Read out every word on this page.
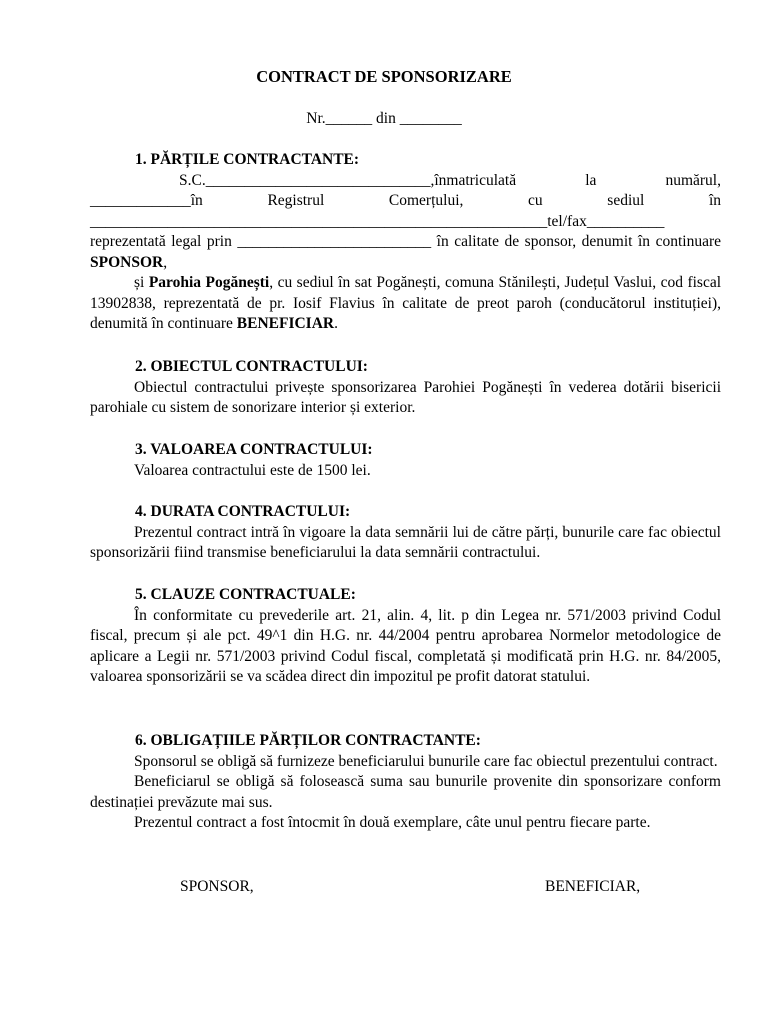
CONTRACT DE SPONSORIZARE
Nr.______ din ________
1. PĂRȚILE CONTRACTANTE:
S.C._____________________________,înmatriculată	la	numărul,
_____________în	Registrul	Comerțului,	cu	sediul	în
___________________________________________________________tel/fax__________

reprezentată legal prin _________________________ în calitate de sponsor, denumit în continuare SPONSOR,

și Parohia Pogănești, cu sediul în sat Pogănești, comuna Stănilești, Județul Vaslui, cod fiscal 13902838, reprezentată de pr. Iosif Flavius în calitate de preot paroh (conducătorul instituției), denumită în continuare BENEFICIAR.

2. OBIECTUL CONTRACTULUI:

Obiectul contractului privește sponsorizarea Parohiei Pogănești în vederea dotării bisericii parohiale cu sistem de sonorizare interior și exterior.

3. VALOAREA CONTRACTULUI:

Valoarea contractului este de 1500 lei.

4. DURATA CONTRACTULUI:

Prezentul contract intră în vigoare la data semnării lui de către părți, bunurile care fac obiectul sponsorizării fiind transmise beneficiarului la data semnării contractului.

5. CLAUZE CONTRACTUALE:

În conformitate cu prevederile art. 21, alin. 4, lit. p din Legea nr. 571/2003 privind Codul fiscal, precum și ale pct. 49^1 din H.G. nr. 44/2004 pentru aprobarea Normelor metodologice de aplicare a Legii nr. 571/2003 privind Codul fiscal, completată și modificată prin H.G. nr. 84/2005, valoarea sponsorizării se va scădea direct din impozitul pe profit datorat statului.

6. OBLIGAȚIILE PĂRȚILOR CONTRACTANTE:

Sponsorul se obligă să furnizeze beneficiarului bunurile care fac obiectul prezentului contract.

Beneficiarul se obligă să folosească suma sau bunurile provenite din sponsorizare conform destinației prevăzute mai sus.

Prezentul contract a fost întocmit în două exemplare, câte unul pentru fiecare parte.

SPONSOR,	BENEFICIAR,
